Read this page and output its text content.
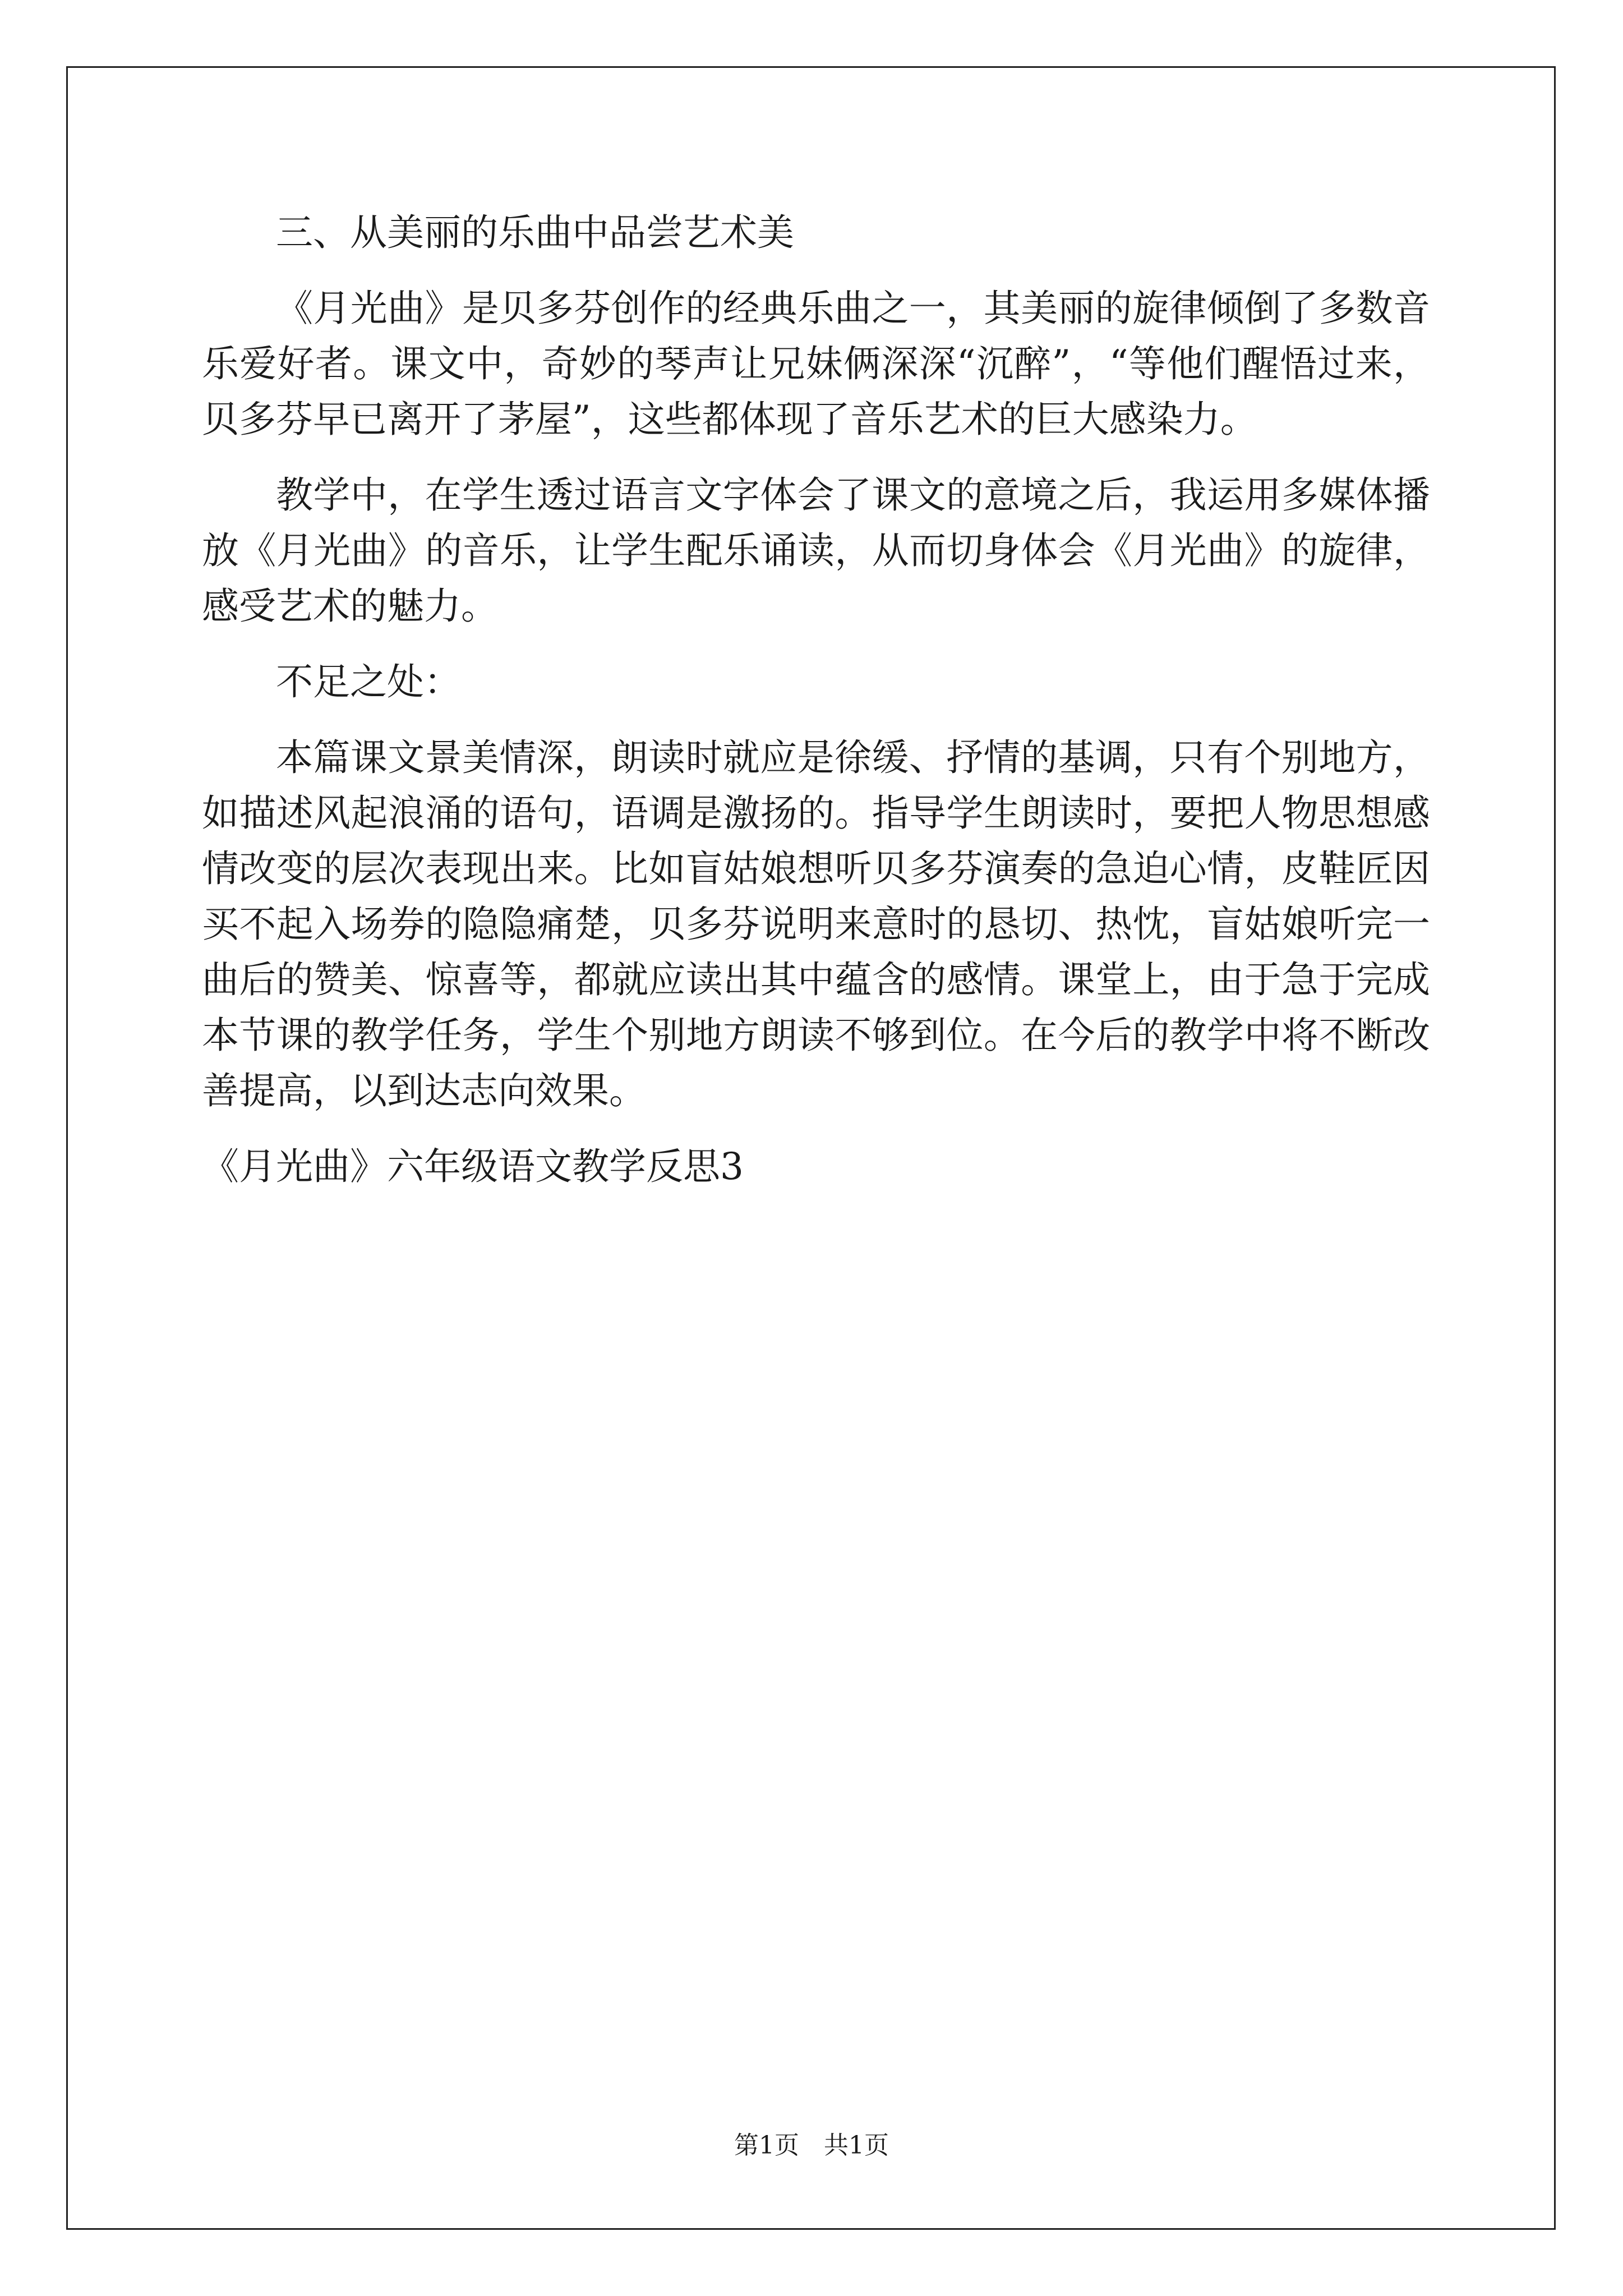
三、从美丽的乐曲中品尝艺术美

《月光曲》是贝多芬创作的经典乐曲之一，其美丽的旋律倾倒了多数音乐爱好者。课文中，奇妙的琴声让兄妹俩深深“沉醉”，“等他们醒悟过来，贝多芬早已离开了茅屋”，这些都体现了音乐艺术的巨大感染力。

教学中，在学生透过语言文字体会了课文的意境之后，我运用多媒体播放《月光曲》的音乐，让学生配乐诵读，从而切身体会《月光曲》的旋律，感受艺术的魅力。

不足之处：

本篇课文景美情深，朗读时就应是徐缓、抒情的基调，只有个别地方，如描述风起浪涌的语句，语调是激扬的。指导学生朗读时，要把人物思想感情改变的层次表现出来。比如盲姑娘想听贝多芬演奏的急迫心情，皮鞋匠因买不起入场券的隐隐痛楚，贝多芬说明来意时的恳切、热忱，盲姑娘听完一曲后的赞美、惊喜等，都就应读出其中蕴含的感情。课堂上，由于急于完成本节课的教学任务，学生个别地方朗读不够到位。在今后的教学中将不断改善提高，以到达志向效果。

《月光曲》六年级语文教学反思3

第1页　共1页
